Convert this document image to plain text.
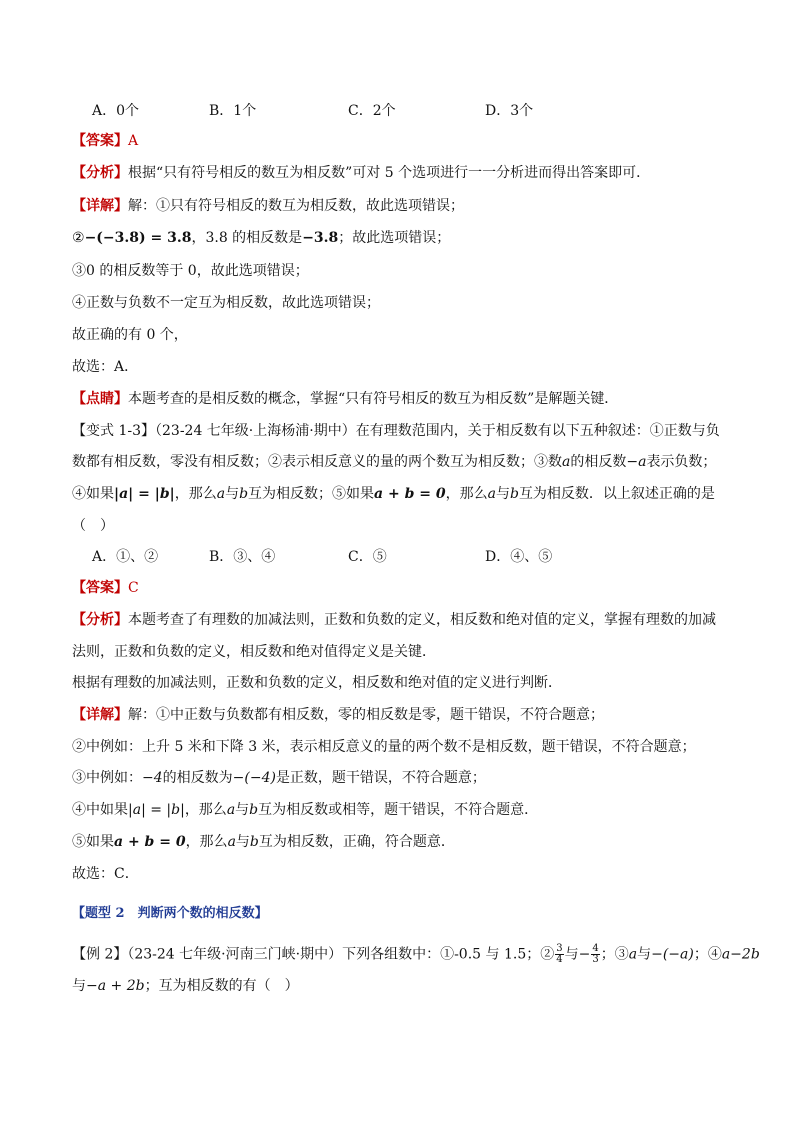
A．0个	B．1个	C．2个	D．3个
【答案】A
【分析】根据“只有符号相反的数互为相反数”可对 5 个选项进行一一分析进而得出答案即可．
【详解】解：①只有符号相反的数互为相反数，故此选项错误；
②−(−3.8) = 3.8，3.8 的相反数是−3.8；故此选项错误；
③0 的相反数等于 0，故此选项错误；
④正数与负数不一定互为相反数，故此选项错误；
故正确的有 0 个，
故选：A．
【点睛】本题考查的是相反数的概念，掌握“只有符号相反的数互为相反数”是解题关键．
【变式 1-3】（23-24 七年级·上海杨浦·期中）在有理数范围内，关于相反数有以下五种叙述：①正数与负
数都有相反数，零没有相反数；②表示相反意义的量的两个数互为相反数；③数a的相反数−a表示负数；
④如果|a| = |b|，那么a与b互为相反数；⑤如果a + b = 0，那么a与b互为相反数．以上叙述正确的是
（　）
A．①、②	B．③、④	C．⑤	D．④、⑤
【答案】C
【分析】本题考查了有理数的加减法则，正数和负数的定义，相反数和绝对值的定义，掌握有理数的加减
法则，正数和负数的定义，相反数和绝对值得定义是关键．
根据有理数的加减法则，正数和负数的定义，相反数和绝对值的定义进行判断．
【详解】解：①中正数与负数都有相反数，零的相反数是零，题干错误，不符合题意；
②中例如：上升 5 米和下降 3 米，表示相反意义的量的两个数不是相反数，题干错误，不符合题意；
③中例如：−4的相反数为−(−4)是正数，题干错误，不符合题意；
④中如果|a| = |b|，那么a与b互为相反数或相等，题干错误，不符合题意．
⑤如果a + b = 0，那么a与b互为相反数，正确，符合题意．
故选：C．
【题型 2　判断两个数的相反数】
【例 2】（23-24 七年级·河南三门峡·期中）下列各组数中：①-0.5 与 1.5；② $\frac{3}{4}$ 与− $\frac{4}{3}$ ；③a与−(−a)；④a−2b
与−a + 2b；互为相反数的有（　）
